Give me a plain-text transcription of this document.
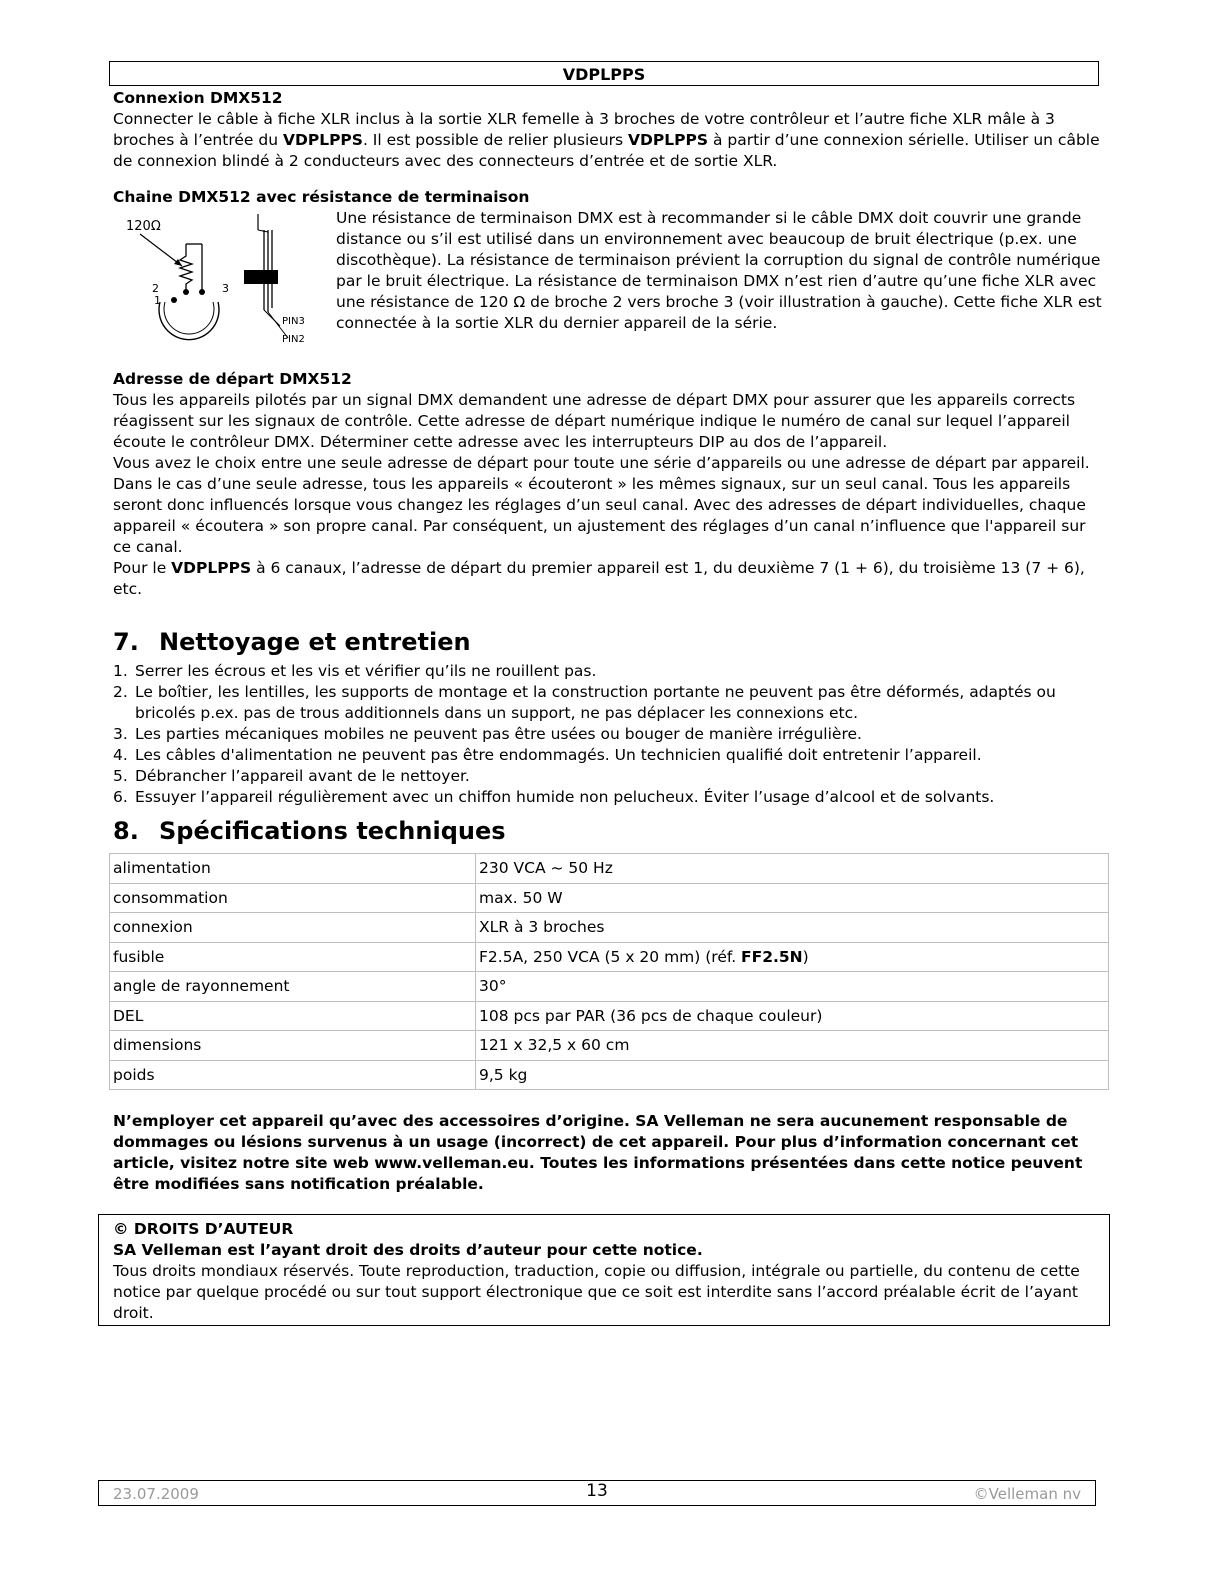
VDPLPPS

Connexion DMX512

Connecter le câble à fiche XLR inclus à la sortie XLR femelle à 3 broches de votre contrôleur et l’autre fiche XLR mâle à 3 broches à l’entrée du VDPLPPS. Il est possible de relier plusieurs VDPLPPS à partir d’une connexion sérielle. Utiliser un câble de connexion blindé à 2 conducteurs avec des connecteurs d’entrée et de sortie XLR.

Chaine DMX512 avec résistance de terminaison

120Ω
2
1
3
PIN3
PIN2
Une résistance de terminaison DMX est à recommander si le câble DMX doit couvrir une grande distance ou s’il est utilisé dans un environnement avec beaucoup de bruit électrique (p.ex. une discothèque). La résistance de terminaison prévient la corruption du signal de contrôle numérique par le bruit électrique. La résistance de terminaison DMX n’est rien d’autre qu’une fiche XLR avec une résistance de 120 Ω de broche 2 vers broche 3 (voir illustration à gauche). Cette fiche XLR est connectée à la sortie XLR du dernier appareil de la série.

Adresse de départ DMX512

Tous les appareils pilotés par un signal DMX demandent une adresse de départ DMX pour assurer que les appareils corrects réagissent sur les signaux de contrôle. Cette adresse de départ numérique indique le numéro de canal sur lequel l’appareil écoute le contrôleur DMX. Déterminer cette adresse avec les interrupteurs DIP au dos de l’appareil.

Vous avez le choix entre une seule adresse de départ pour toute une série d’appareils ou une adresse de départ par appareil. Dans le cas d’une seule adresse, tous les appareils « écouteront » les mêmes signaux, sur un seul canal. Tous les appareils seront donc influencés lorsque vous changez les réglages d’un seul canal. Avec des adresses de départ individuelles, chaque appareil « écoutera » son propre canal. Par conséquent, un ajustement des réglages d’un canal n’influence que l'appareil sur ce canal.

Pour le VDPLPPS à 6 canaux, l’adresse de départ du premier appareil est 1, du deuxième 7 (1 + 6), du troisième 13 (7 + 6), etc.

7. Nettoyage et entretien

1. Serrer les écrous et les vis et vérifier qu’ils ne rouillent pas.
2. Le boîtier, les lentilles, les supports de montage et la construction portante ne peuvent pas être déformés, adaptés ou bricolés p.ex. pas de trous additionnels dans un support, ne pas déplacer les connexions etc.
3. Les parties mécaniques mobiles ne peuvent pas être usées ou bouger de manière irrégulière.
4. Les câbles d'alimentation ne peuvent pas être endommagés. Un technicien qualifié doit entretenir l’appareil.
5. Débrancher l’appareil avant de le nettoyer.
6. Essuyer l’appareil régulièrement avec un chiffon humide non pelucheux. Éviter l’usage d’alcool et de solvants.

8. Spécifications techniques

alimentation	230 VCA ~ 50 Hz
consommation	max. 50 W
connexion	XLR à 3 broches
fusible	F2.5A, 250 VCA (5 x 20 mm) (réf. FF2.5N)
angle de rayonnement	30°
DEL	108 pcs par PAR (36 pcs de chaque couleur)
dimensions	121 x 32,5 x 60 cm
poids	9,5 kg
N’employer cet appareil qu’avec des accessoires d’origine. SA Velleman ne sera aucunement responsable de dommages ou lésions survenus à un usage (incorrect) de cet appareil. Pour plus d’information concernant cet article, visitez notre site web www.velleman.eu. Toutes les informations présentées dans cette notice peuvent être modifiées sans notification préalable.

© DROITS D’AUTEUR

SA Velleman est l’ayant droit des droits d’auteur pour cette notice.

Tous droits mondiaux réservés. Toute reproduction, traduction, copie ou diffusion, intégrale ou partielle, du contenu de cette notice par quelque procédé ou sur tout support électronique que ce soit est interdite sans l’accord préalable écrit de l’ayant droit.

23.07.2009	13	©Velleman nv
